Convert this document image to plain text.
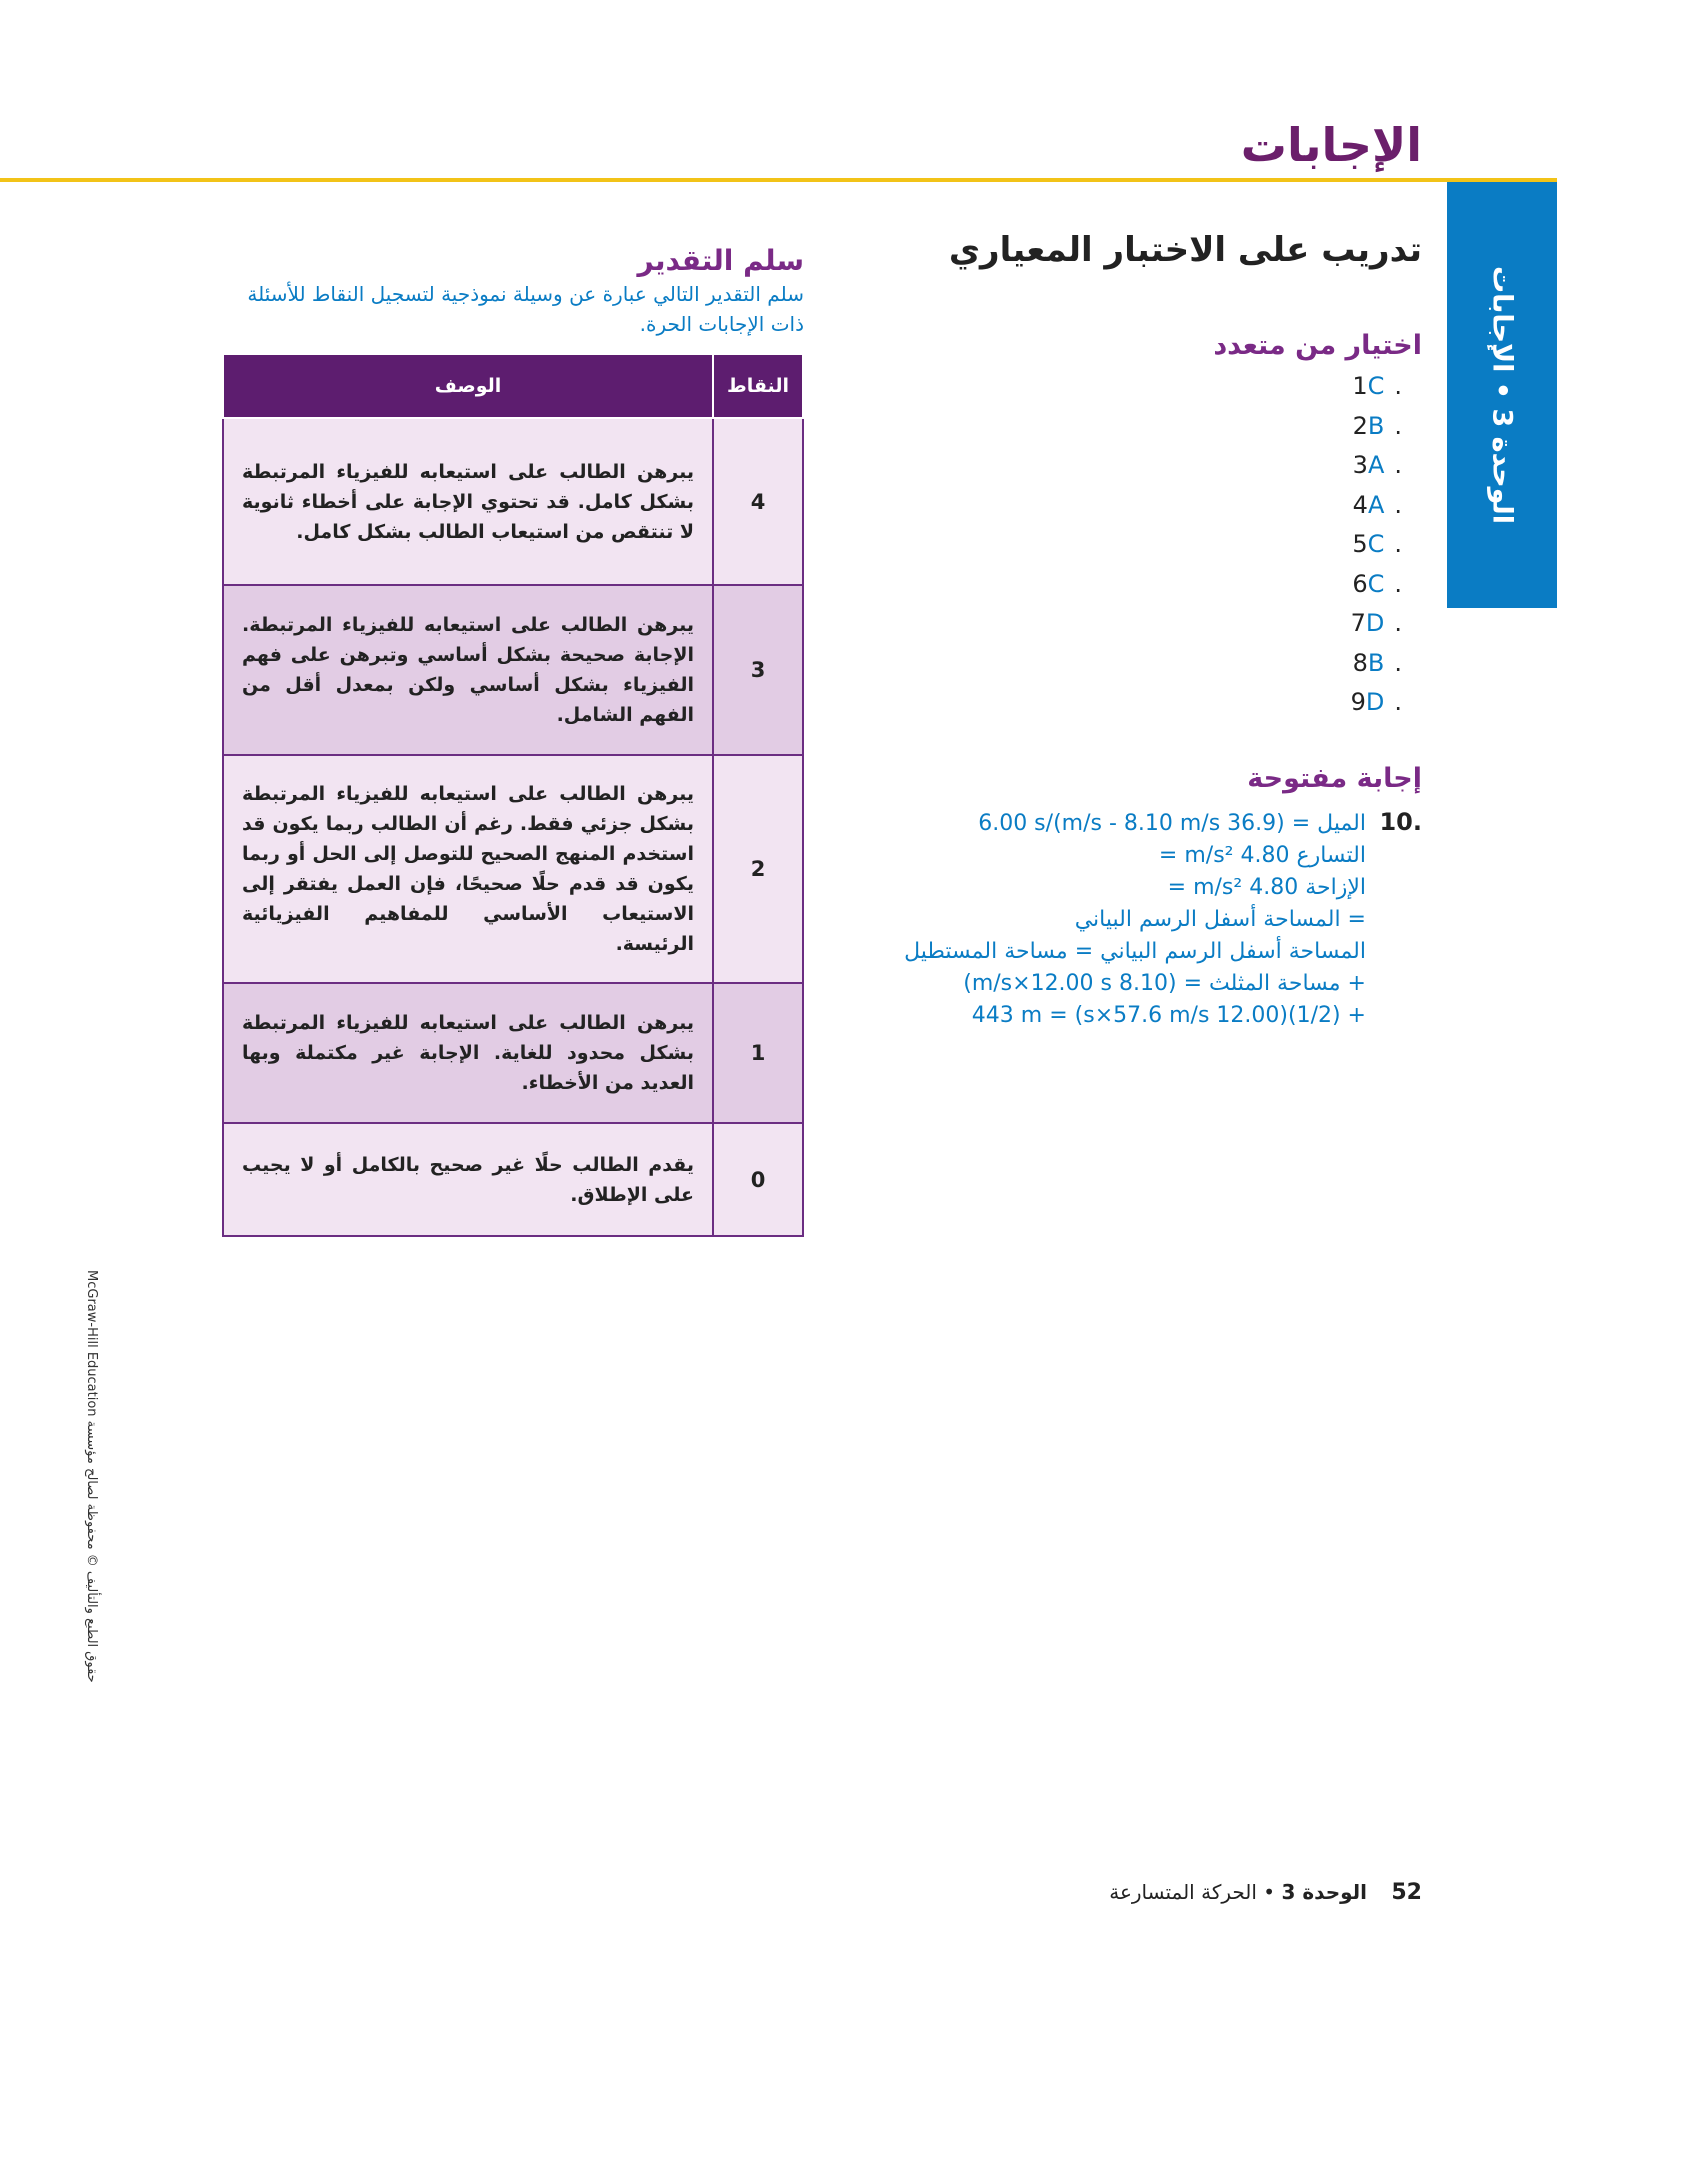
الإجابات
الوحدة 3 • الإجابات
تدريب على الاختبار المعياري
اختيار من متعدد
.1C
.2B
.3A
.4A
.5C
.6C
.7D
.8B
.9D
إجابة مفتوحة
.10
الميل = (36.9 m/s - 8.10 m/s)/6.00 s
التسارع 4.80 m/s² =
الإزاحة 4.80 m/s² =
= المساحة أسفل الرسم البياني
المساحة أسفل الرسم البياني = مساحة المستطيل
+ مساحة المثلث = (8.10 m/s×12.00 s)
+ (1/2)(12.00 s×57.6 m/s) = 443 m
سلم التقدير

سلم التقدير التالي عبارة عن وسيلة نموذجية لتسجيل النقاط للأسئلة ذات الإجابات الحرة.

النقاط	الوصف
4	يبرهن الطالب على استيعابه للفيزياء المرتبطة بشكل كامل. قد تحتوي الإجابة على أخطاء ثانوية لا تنتقص من استيعاب الطالب بشكل كامل.
3	يبرهن الطالب على استيعابه للفيزياء المرتبطة. الإجابة صحيحة بشكل أساسي وتبرهن على فهم الفيزياء بشكل أساسي ولكن بمعدل أقل من الفهم الشامل.
2	يبرهن الطالب على استيعابه للفيزياء المرتبطة بشكل جزئي فقط. رغم أن الطالب ربما يكون قد استخدم المنهج الصحيح للتوصل إلى الحل أو ربما يكون قد قدم حلًا صحيحًا، فإن العمل يفتقر إلى الاستيعاب الأساسي للمفاهيم الفيزيائية الرئيسة.
1	يبرهن الطالب على استيعابه للفيزياء المرتبطة بشكل محدود للغاية. الإجابة غير مكتملة وبها العديد من الأخطاء.
0	يقدم الطالب حلًا غير صحيح بالكامل أو لا يجيب على الإطلاق.
حقوق الطبع والتأليف © محفوظة لصالح مؤسسة McGraw-Hill Education
52 الوحدة 3 • الحركة المتسارعة
